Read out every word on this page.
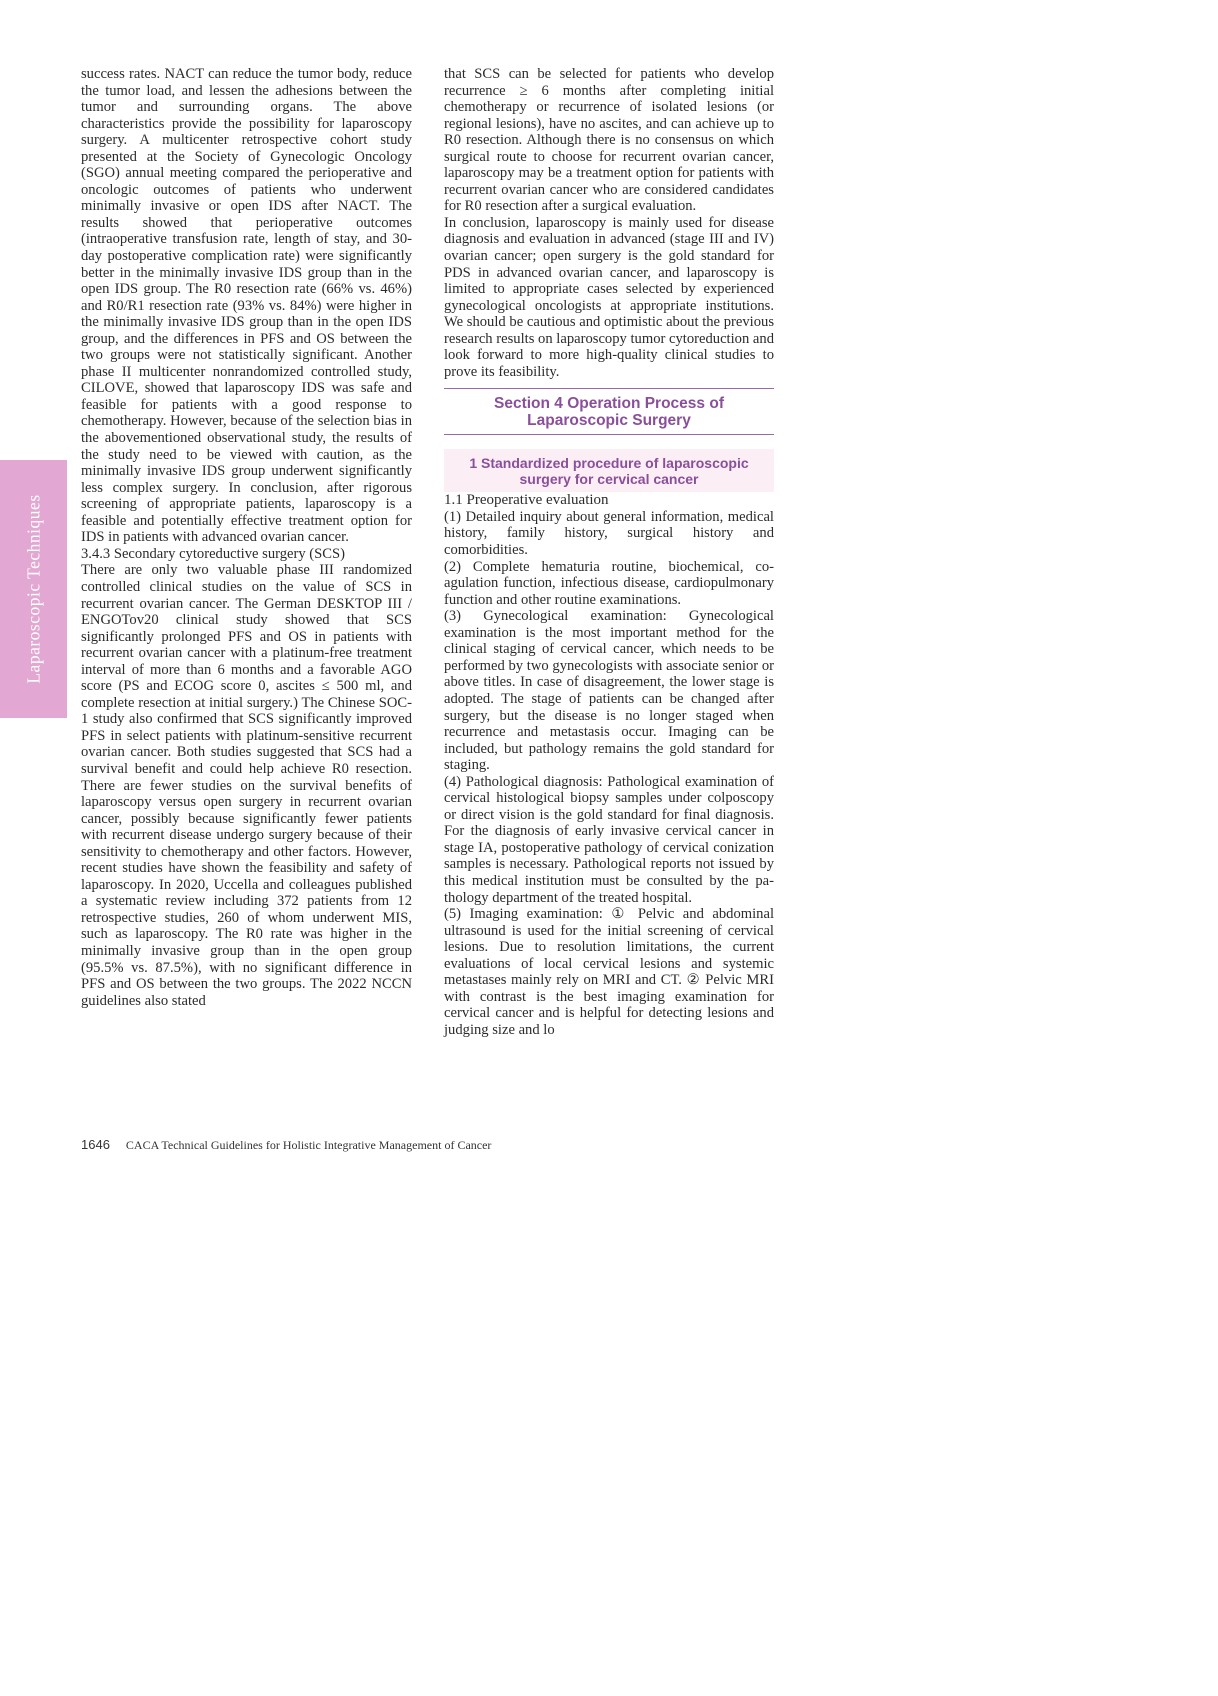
Laparoscopic Techniques

success rates. NACT can reduce the tumor body, reduce the tumor load, and lessen the adhesions between the tumor and surrounding organs. The above characteristics provide the possibility for laparoscopy surgery. A multicenter retrospective cohort study presented at the Society of Gynecologic Oncology (SGO) annual meeting compared the perioperative and oncologic outcomes of patients who underwent minimally invasive or open IDS after NACT. The results showed that perioperative outcomes (intraoperative transfusion rate, length of stay, and 30-day postoperative complication rate) were significantly better in the minimally invasive IDS group than in the open IDS group. The R0 resection rate (66% vs. 46%) and R0/R1 resection rate (93% vs. 84%) were higher in the minimally invasive IDS group than in the open IDS group, and the differences in PFS and OS between the two groups were not statistically significant. Another phase II multicenter nonrandomized controlled study, CILOVE, showed that laparoscopy IDS was safe and feasible for patients with a good response to chemotherapy. However, because of the selection bias in the abovementioned observational study, the results of the study need to be viewed with caution, as the minimally invasive IDS group underwent significantly less complex surgery. In conclusion, after rigorous screening of appropriate patients, laparoscopy is a feasible and potentially effective treatment option for IDS in patients with advanced ovarian cancer.

3.4.3 Secondary cytoreductive surgery (SCS)

There are only two valuable phase III randomized controlled clinical studies on the value of SCS in recurrent ovarian cancer. The German DESKTOP III / ENGOTov20 clinical study showed that SCS significantly prolonged PFS and OS in patients with recurrent ovarian cancer with a platinum-free treatment interval of more than 6 months and a favorable AGO score (PS and ECOG score 0, ascites ≤ 500 ml, and complete resection at initial surgery.) The Chinese SOC-1 study also confirmed that SCS significantly improved PFS in select patients with platinum-sensitive recurrent ovarian cancer. Both studies suggested that SCS had a survival benefit and could help achieve R0 resection. There are fewer studies on the survival benefits of laparoscopy versus open surgery in recurrent ovarian cancer, possibly because significantly fewer patients with recurrent disease undergo surgery because of their sensitivity to chemotherapy and other factors. However, recent studies have shown the feasibility and safety of laparoscopy. In 2020, Uccella and colleagues published a systematic review including 372 patients from 12 retrospective studies, 260 of whom underwent MIS, such as laparoscopy. The R0 rate was higher in the minimally invasive group than in the open group (95.5% vs. 87.5%), with no significant difference in PFS and OS between the two groups. The 2022 NCCN guidelines also stated

that SCS can be selected for patients who develop recurrence ≥ 6 months after completing initial chemotherapy or recurrence of isolated lesions (or regional lesions), have no ascites, and can achieve up to R0 resection. Although there is no consensus on which surgical route to choose for recurrent ovarian cancer, laparoscopy may be a treatment option for patients with recurrent ovarian cancer who are considered candidates for R0 resection after a surgical evaluation.

In conclusion, laparoscopy is mainly used for disease diagnosis and evaluation in advanced (stage III and IV) ovarian cancer; open surgery is the gold standard for PDS in advanced ovarian cancer, and laparoscopy is limited to appropriate cases selected by experienced gynecological oncologists at appropriate institutions. We should be cautious and optimistic about the previous research results on laparoscopy tumor cytoreduction and look forward to more high-quality clinical studies to prove its feasibility.

Section 4 Operation Process of Laparoscopic Surgery
1 Standardized procedure of laparoscopic surgery for cervical cancer

1.1 Preoperative evaluation

(1) Detailed inquiry about general information, medical history, family history, surgical history and comorbidities.

(2) Complete hematuria routine, biochemical, coagulation function, infectious disease, cardiopulmonary function and other routine examinations.

(3) Gynecological examination: Gynecological examination is the most important method for the clinical staging of cervical cancer, which needs to be performed by two gynecologists with associate senior or above titles. In case of disagreement, the lower stage is adopted. The stage of patients can be changed after surgery, but the disease is no longer staged when recurrence and metastasis occur. Imaging can be included, but pathology remains the gold standard for staging.

(4) Pathological diagnosis: Pathological examination of cervical histological biopsy samples under colposcopy or direct vision is the gold standard for final diagnosis. For the diagnosis of early invasive cervical cancer in stage IA, postoperative pathology of cervical conization samples is necessary. Pathological reports not issued by this medical institution must be consulted by the pathology department of the treated hospital.

(5) Imaging examination: ① Pelvic and abdominal ultrasound is used for the initial screening of cervical lesions. Due to resolution limitations, the current evaluations of local cervical lesions and systemic metastases mainly rely on MRI and CT. ② Pelvic MRI with contrast is the best imaging examination for cervical cancer and is helpful for detecting lesions and judging size and lo

1646 CACA Technical Guidelines for Holistic Integrative Management of Cancer
